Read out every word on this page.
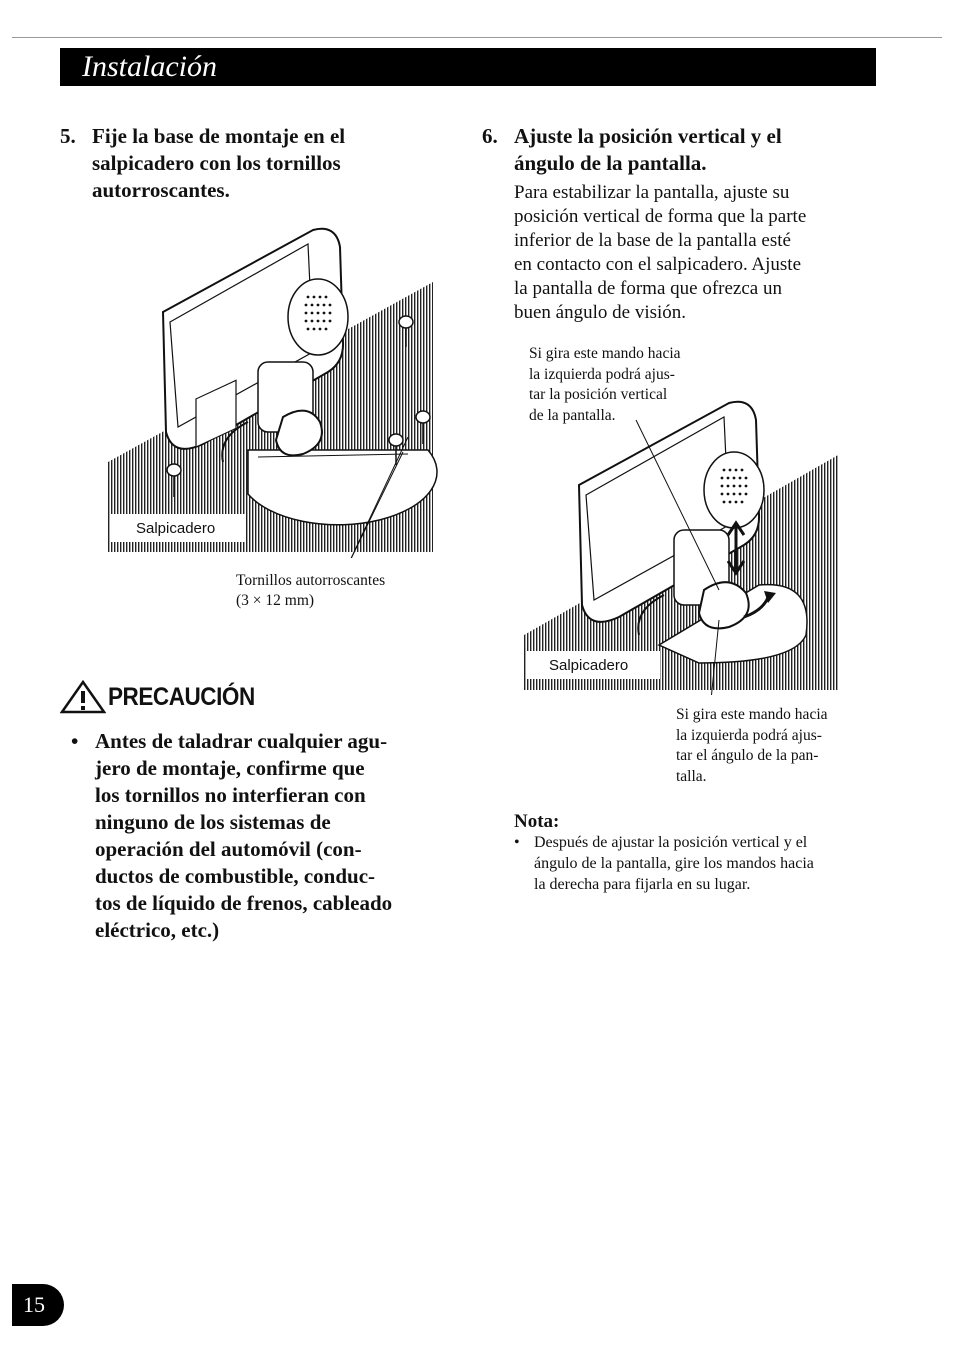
Instalación
5. Fije la base de montaje en el
salpicadero con los tornillos
autorroscantes.
Salpicadero
Tornillos autorroscantes
(3 × 12 mm)
PRECAUCIÓN
• Antes de taladrar cualquier agu-
jero de montaje, confirme que
los tornillos no interfieran con
ninguno de los sistemas de
operación del automóvil (con-
ductos de combustible, conduc-
tos de líquido de frenos, cableado
eléctrico, etc.)
6. Ajuste la posición vertical y el
ángulo de la pantalla.
Para estabilizar la pantalla, ajuste su
posición vertical de forma que la parte
inferior de la base de la pantalla esté
en contacto con el salpicadero. Ajuste
la pantalla de forma que ofrezca un
buen ángulo de visión.
Si gira este mando hacia
la izquierda podrá ajus-
tar la posición vertical
de la pantalla.
Salpicadero
Si gira este mando hacia
la izquierda podrá ajus-
tar el ángulo de la pan-
talla.
Nota:
• Después de ajustar la posición vertical y el
ángulo de la pantalla, gire los mandos hacia
la derecha para fijarla en su lugar.
15
